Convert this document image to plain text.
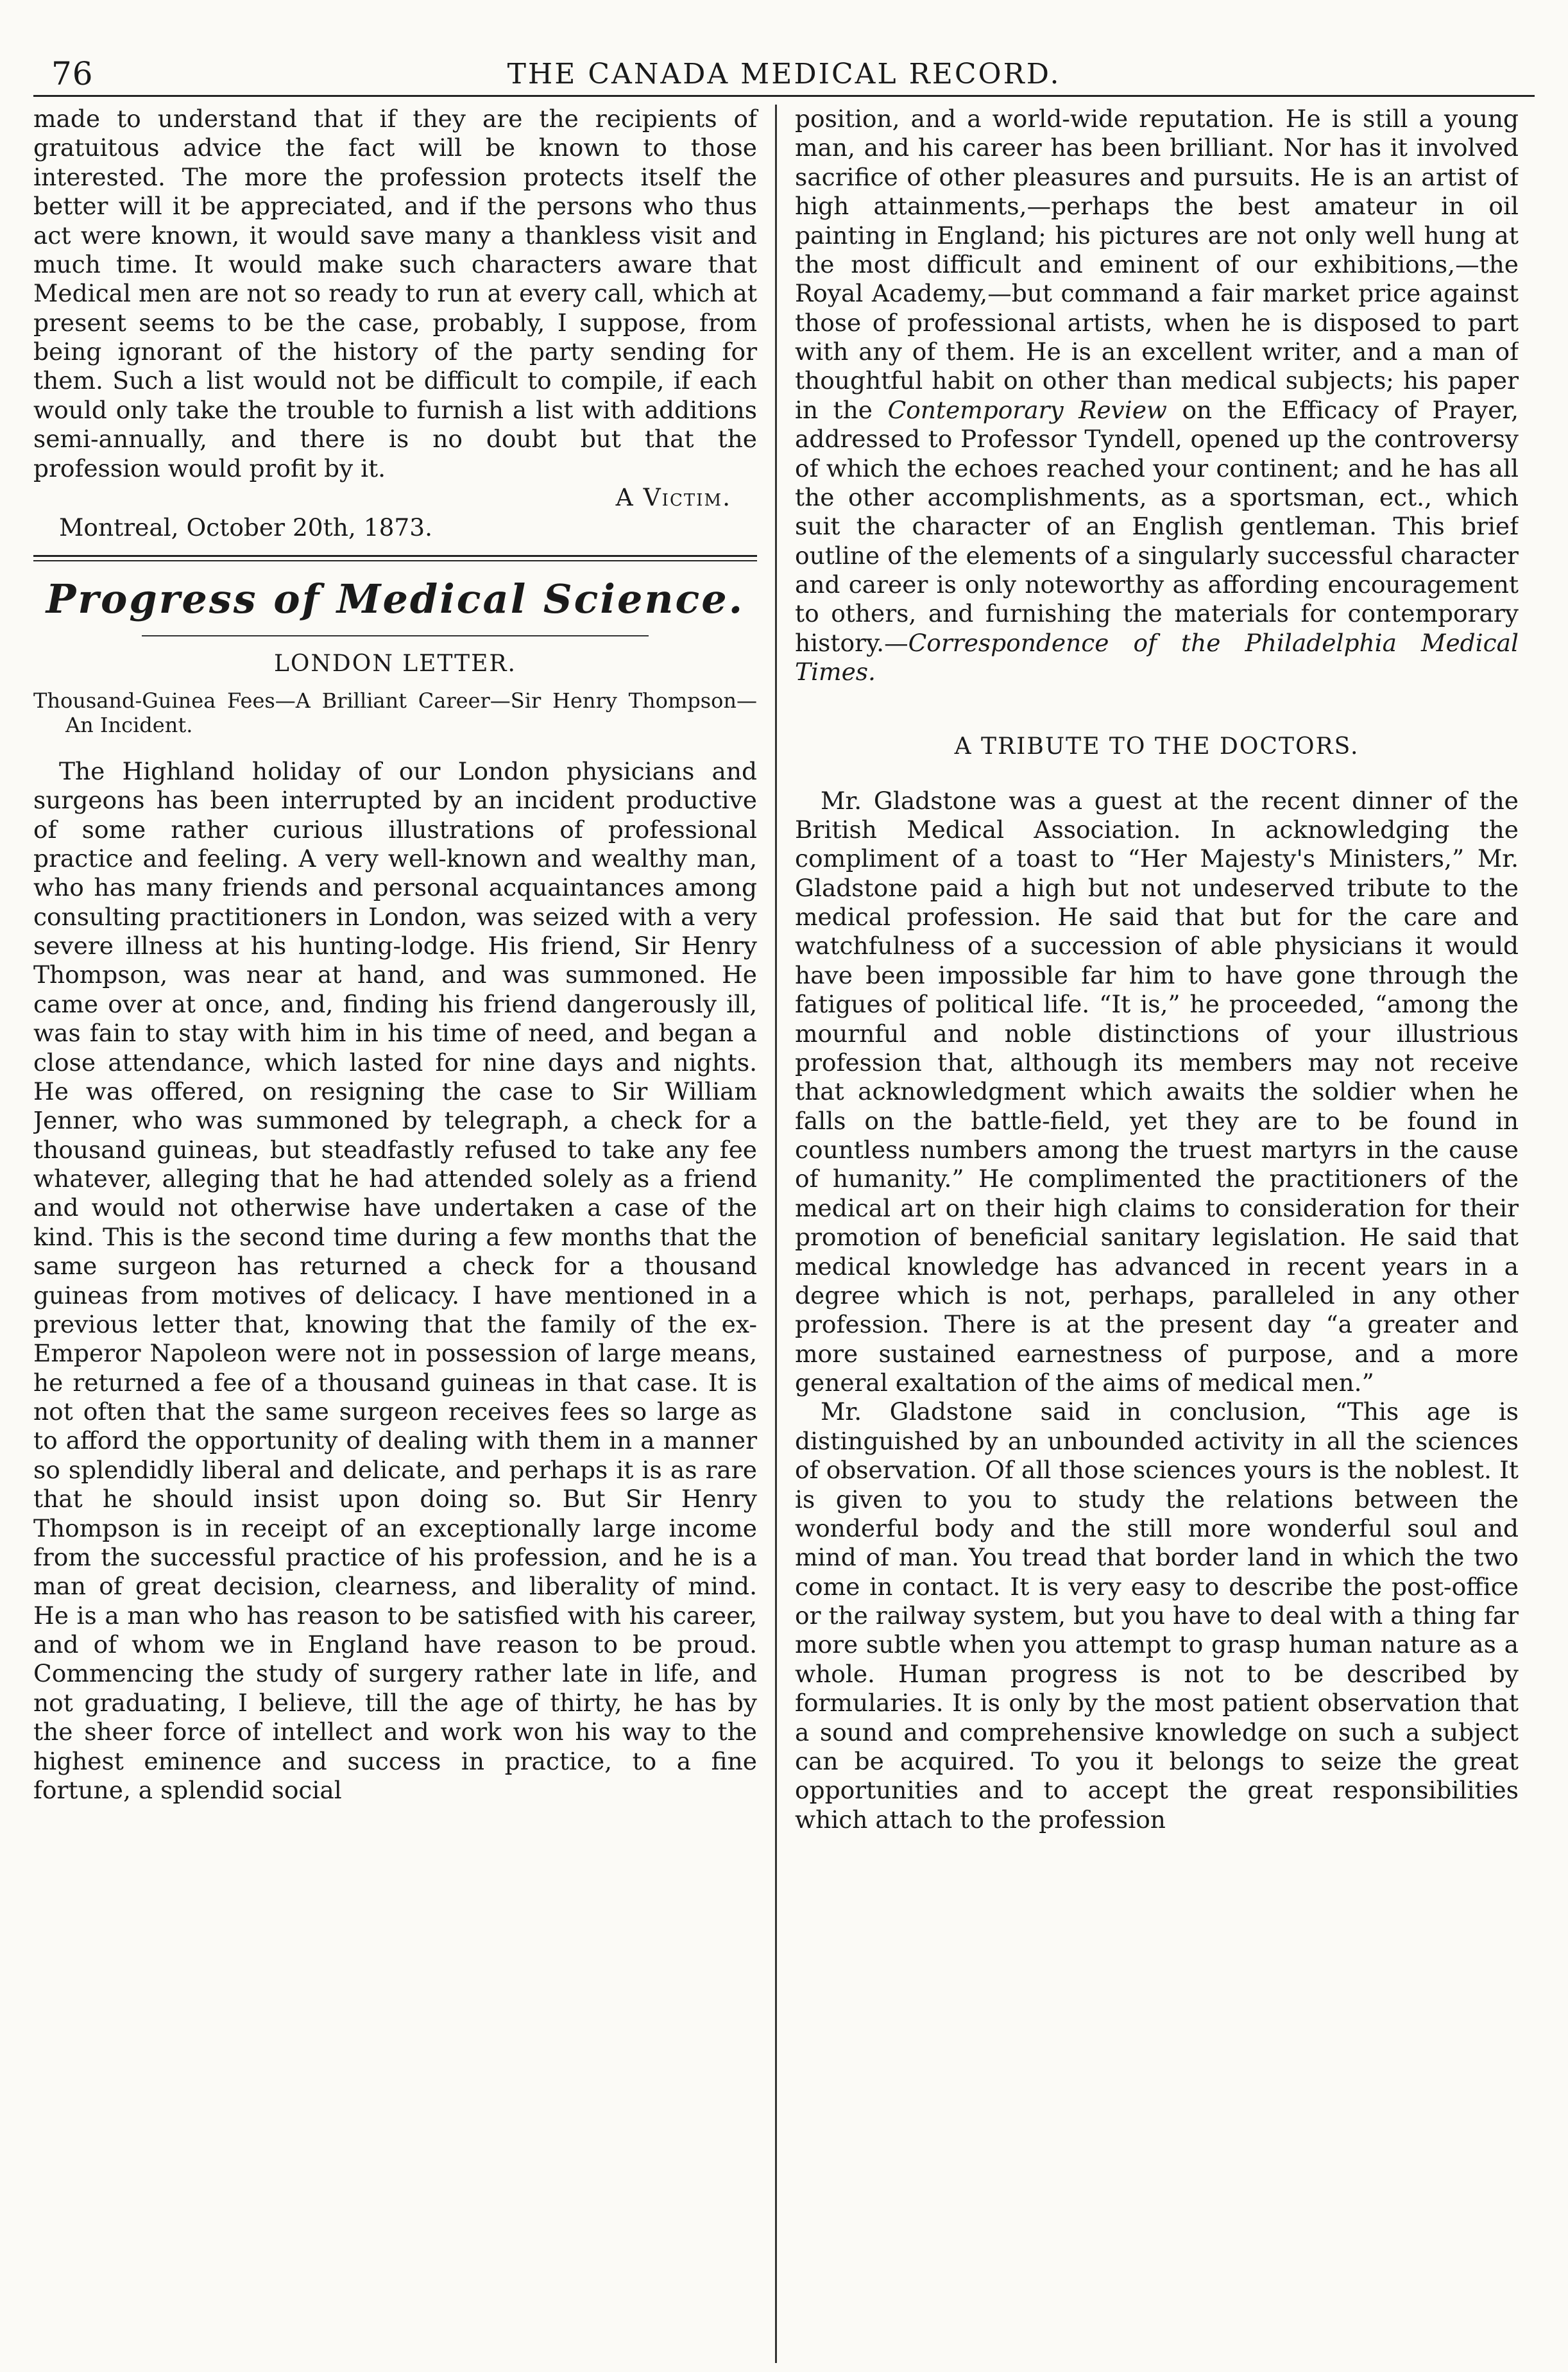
76	THE CANADA MEDICAL RECORD.

made to understand that if they are the recipients of gratuitous advice the fact will be known to those interested. The more the profession protects itself the better will it be appreciated, and if the persons who thus act were known, it would save many a thankless visit and much time. It would make such characters aware that Medical men are not so ready to run at every call, which at present seems to be the case, probably, I suppose, from being ignorant of the history of the party sending for them. Such a list would not be difficult to compile, if each would only take the trouble to furnish a list with additions semi-annually, and there is no doubt but that the profession would profit by it.

A Victim.
Montreal, October 20th, 1873.
Progress of Medical Science.
LONDON LETTER.
Thousand-Guinea Fees—A Brilliant Career—Sir Henry Thompson—An Incident.

The Highland holiday of our London physicians and surgeons has been interrupted by an incident productive of some rather curious illustrations of professional practice and feeling. A very well-known and wealthy man, who has many friends and personal acquaintances among consulting practitioners in London, was seized with a very severe illness at his hunting-lodge. His friend, Sir Henry Thompson, was near at hand, and was summoned. He came over at once, and, finding his friend dangerously ill, was fain to stay with him in his time of need, and began a close attendance, which lasted for nine days and nights. He was offered, on resigning the case to Sir William Jenner, who was summoned by telegraph, a check for a thousand guineas, but steadfastly refused to take any fee whatever, alleging that he had attended solely as a friend and would not otherwise have undertaken a case of the kind. This is the second time during a few months that the same surgeon has returned a check for a thousand guineas from motives of delicacy. I have mentioned in a previous letter that, knowing that the family of the ex-Emperor Napoleon were not in possession of large means, he returned a fee of a thousand guineas in that case. It is not often that the same surgeon receives fees so large as to afford the opportunity of dealing with them in a manner so splendidly liberal and delicate, and perhaps it is as rare that he should insist upon doing so. But Sir Henry Thompson is in receipt of an exceptionally large income from the successful practice of his profession, and he is a man of great decision, clearness, and liberality of mind. He is a man who has reason to be satisfied with his career, and of whom we in England have reason to be proud. Commencing the study of surgery rather late in life, and not graduating, I believe, till the age of thirty, he has by the sheer force of intellect and work won his way to the highest eminence and success in practice, to a fine fortune, a splendid social

position, and a world-wide reputation. He is still a young man, and his career has been brilliant. Nor has it involved sacrifice of other pleasures and pursuits. He is an artist of high attainments,—perhaps the best amateur in oil painting in England; his pictures are not only well hung at the most difficult and eminent of our exhibitions,—the Royal Academy,—but command a fair market price against those of professional artists, when he is disposed to part with any of them. He is an excellent writer, and a man of thoughtful habit on other than medical subjects; his paper in the Contemporary Review on the Efficacy of Prayer, addressed to Professor Tyndell, opened up the controversy of which the echoes reached your continent; and he has all the other accomplishments, as a sportsman, ect., which suit the character of an English gentleman. This brief outline of the elements of a singularly successful character and career is only noteworthy as affording encouragement to others, and furnishing the materials for contemporary history.—Correspondence of the Philadelphia Medical Times.

A TRIBUTE TO THE DOCTORS.

Mr. Gladstone was a guest at the recent dinner of the British Medical Association. In acknowledging the compliment of a toast to “Her Majesty's Ministers,” Mr. Gladstone paid a high but not undeserved tribute to the medical profession. He said that but for the care and watchfulness of a succession of able physicians it would have been impossible far him to have gone through the fatigues of political life. “It is,” he proceeded, “among the mournful and noble distinctions of your illustrious profession that, although its members may not receive that acknowledgment which awaits the soldier when he falls on the battle-field, yet they are to be found in countless numbers among the truest martyrs in the cause of humanity.” He complimented the practitioners of the medical art on their high claims to consideration for their promotion of beneficial sanitary legislation. He said that medical knowledge has advanced in recent years in a degree which is not, perhaps, paralleled in any other profession. There is at the present day “a greater and more sustained earnestness of purpose, and a more general exaltation of the aims of medical men.”

Mr. Gladstone said in conclusion, “This age is distinguished by an unbounded activity in all the sciences of observation. Of all those sciences yours is the noblest. It is given to you to study the relations between the wonderful body and the still more wonderful soul and mind of man. You tread that border land in which the two come in contact. It is very easy to describe the post-office or the railway system, but you have to deal with a thing far more subtle when you attempt to grasp human nature as a whole. Human progress is not to be described by formularies. It is only by the most patient observation that a sound and comprehensive knowledge on such a subject can be acquired. To you it belongs to seize the great opportunities and to accept the great responsibilities which attach to the profession
